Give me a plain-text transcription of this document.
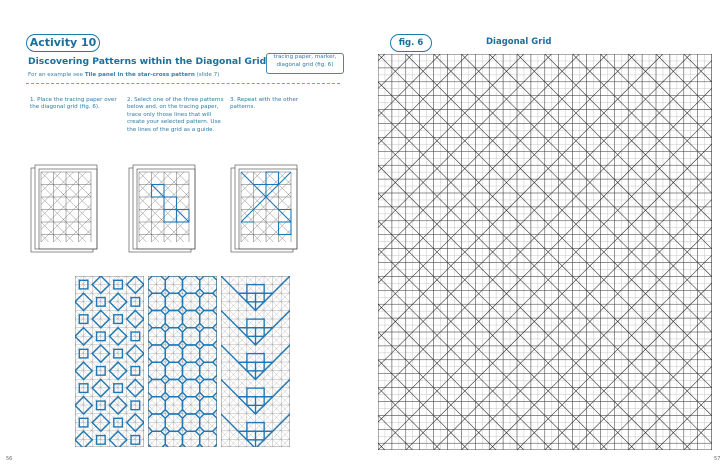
Activity 10
Discovering Patterns within the Diagonal Grid	tracing paper, marker, diagonal grid (fig. 6)
For an example see Tile panel in the star-cross pattern (slide 7)
1. Place the tracing paper over the diagonal grid (fig. 6).
2. Select one of the three patterns below and, on the tracing paper, trace only those lines that will create your selected pattern. Use the lines of the grid as a guide.
3. Repeat with the other patterns.
56	57
fig. 6	Diagonal Grid
